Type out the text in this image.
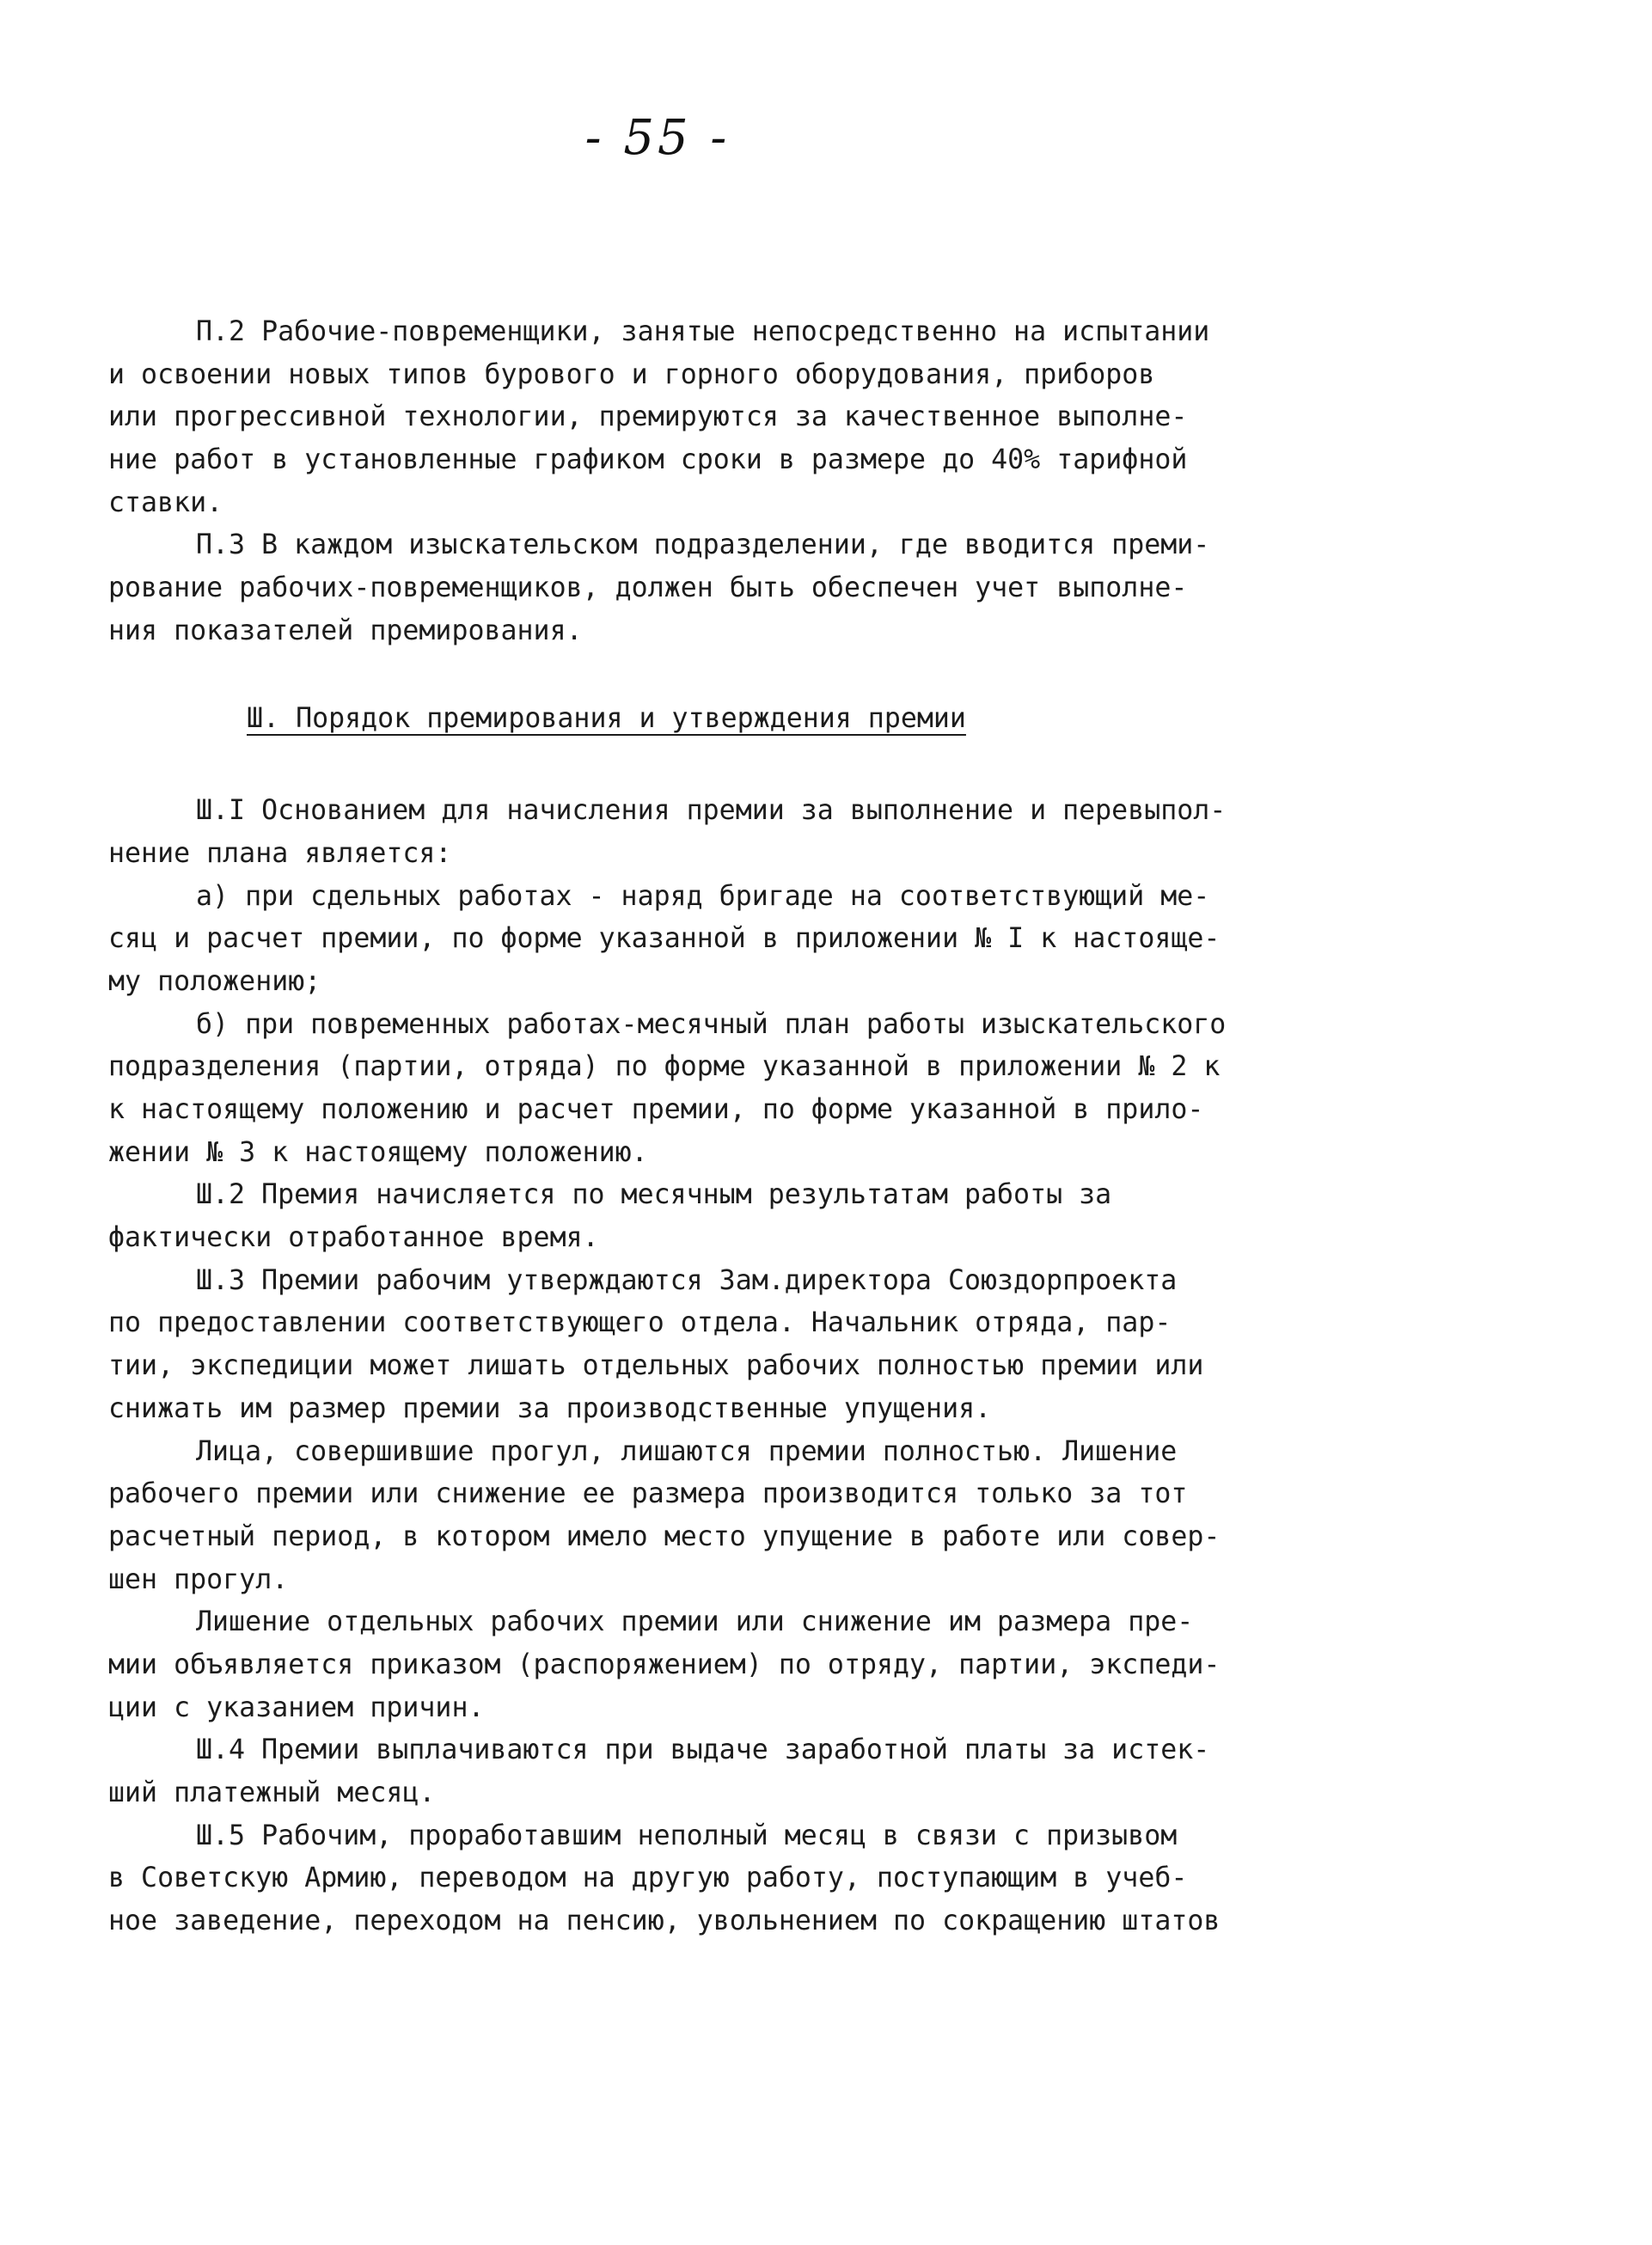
- 55 -
П.2 Рабочие-повременщики, занятые непосредственно на испытании
и освоении новых типов бурового и горного оборудования, приборов
или прогрессивной технологии, премируются за качественное выполне-
ние работ в установленные графиком сроки в размере до 40% тарифной
ставки.
П.3 В каждом изыскательском подразделении, где вводится преми-
рование рабочих-повременщиков, должен быть обеспечен учет выполне-
ния показателей премирования.
Ш. Порядок премирования и утверждения премии
Ш.I Основанием для начисления премии за выполнение и перевыпол-
нение плана является:
а) при сдельных работах - наряд бригаде на соответствующий ме-
сяц и расчет премии, по форме указанной в приложении № I к настояще-
му положению;
б) при повременных работах-месячный план работы изыскательского
подразделения (партии, отряда) по форме указанной в приложении № 2 к
к настоящему положению и расчет премии, по форме указанной в прило-
жении № 3 к настоящему положению.
Ш.2 Премия начисляется по месячным результатам работы за
фактически отработанное время.
Ш.3 Премии рабочим утверждаются Зам.директора Союздорпроекта
по предоставлении соответствующего отдела. Начальник отряда, пар-
тии, экспедиции может лишать отдельных рабочих полностью премии или
снижать им размер премии за производственные упущения.
Лица, совершившие прогул, лишаются премии полностью. Лишение
рабочего премии или снижение ее размера производится только за тот
расчетный период, в котором имело место упущение в работе или совер-
шен прогул.
Лишение отдельных рабочих премии или снижение им размера пре-
мии объявляется приказом (распоряжением) по отряду, партии, экспеди-
ции с указанием причин.
Ш.4 Премии выплачиваются при выдаче заработной платы за истек-
ший платежный месяц.
Ш.5 Рабочим, проработавшим неполный месяц в связи с призывом
в Советскую Армию, переводом на другую работу, поступающим в учеб-
ное заведение, переходом на пенсию, увольнением по сокращению штатов
